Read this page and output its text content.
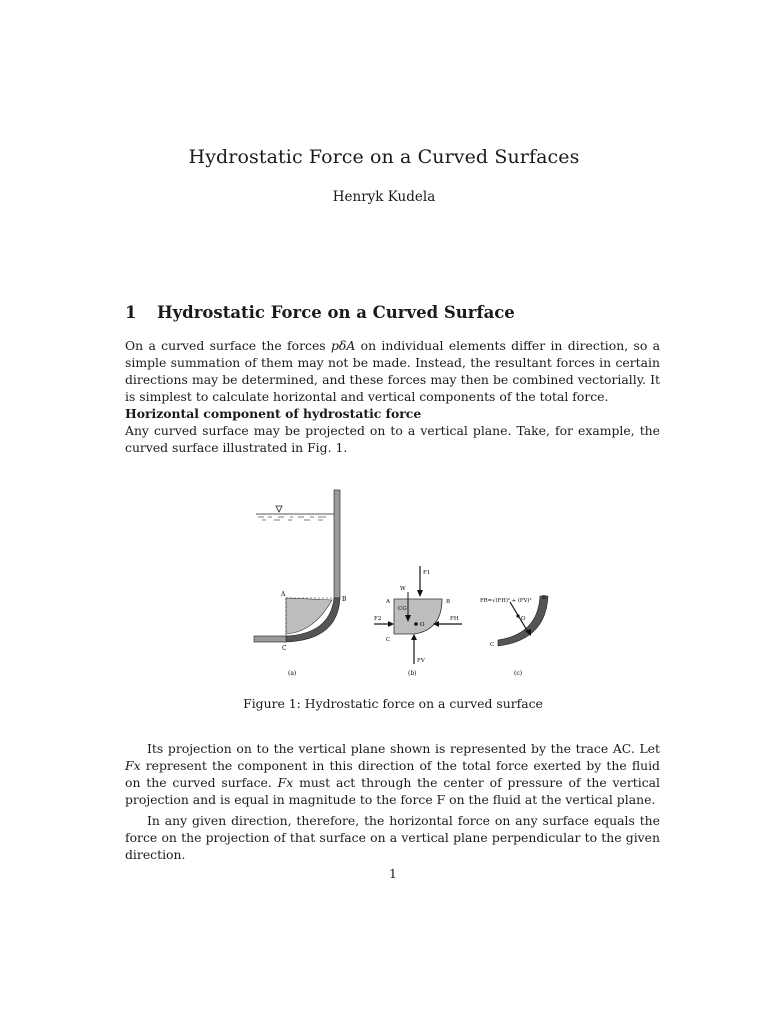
Hydrostatic Force on a Curved Surfaces
Henryk Kudela
1 Hydrostatic Force on a Curved Surface

On a curved surface the forces pδA on individual elements differ in direction, so a simple summation of them may not be made. Instead, the resultant forces in certain directions may be determined, and these forces may then be combined vectorially. It is simplest to calculate horizontal and vertical components of the total force.
Horizontal component of hydrostatic force
Any curved surface may be projected on to a vertical plane. Take, for example, the curved surface illustrated in Fig. 1.

A
B
C
(a)
F1
W
CG
O
F2	FH
FV
A	B
C
(b)
O
FR=√(FH)² + (FV)² B
C
(c)
Figure 1: Hydrostatic force on a curved surface

Its projection on to the vertical plane shown is represented by the trace AC. Let Fx represent the component in this direction of the total force exerted by the fluid on the curved surface. Fx must act through the center of pressure of the vertical projection and is equal in magnitude to the force F on the fluid at the vertical plane.

In any given direction, therefore, the horizontal force on any surface equals the force on the projection of that surface on a vertical plane perpendicular to the given direction.

1
